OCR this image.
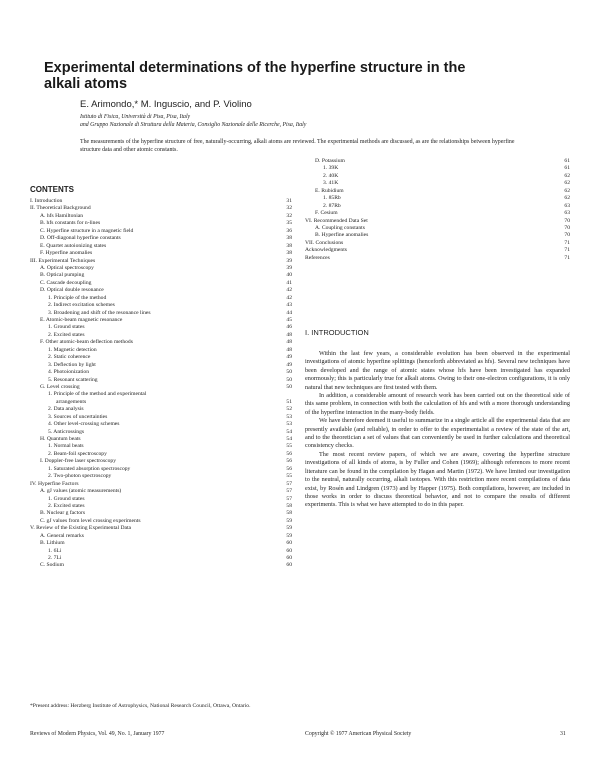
Experimental determinations of the hyperfine structure in the alkali atoms
E. Arimondo,* M. Inguscio, and P. Violino
Istituto di Fisica, Università di Pisa, Pisa, Italy
and Gruppo Nazionale di Struttura della Materia, Consiglio Nazionale delle Ricerche, Pisa, Italy
The measurements of the hyperfine structure of free, naturally-occurring, alkali atoms are reviewed. The experimental methods are discussed, as are the relationships between hyperfine structure data and other atomic constants.
CONTENTS
I. Introduction	31
II. Theoretical Background	32
A. hfs Hamiltonian	32
B. hfs constants for n-lines	35
C. Hyperfine structure in a magnetic field	36
D. Off-diagonal hyperfine constants	38
E. Quartet autoionizing states	38
F. Hyperfine anomalies	38
III. Experimental Techniques	39
A. Optical spectroscopy	39
B. Optical pumping	40
C. Cascade decoupling	41
D. Optical double resonance	42
1. Principle of the method	42
2. Indirect excitation schemes	43
3. Broadening and shift of the resonance lines	44
E. Atomic-beam magnetic resonance	45
1. Ground states	46
2. Excited states	48
F. Other atomic-beam deflection methods	48
1. Magnetic detection	48
2. Static coherence	49
3. Deflection by light	49
4. Photoionization	50
5. Resonant scattering	50
G. Level crossing	50
1. Principle of the method and experimental
arrangements	51
2. Data analysis	52
3. Sources of uncertainties	53
4. Other level-crossing schemes	53
5. Anticrossings	54
H. Quantum beats	54
1. Normal beats	55
2. Beam-foil spectroscopy	56
I. Doppler-free laser spectroscopy	56
1. Saturated absorption spectroscopy	56
2. Two-photon spectroscopy	55
IV. Hyperfine Factors	57
A. gJ values (atomic measurements)	57
1. Ground states	57
2. Excited states	58
B. Nuclear g factors	58
C. gJ values from level crossing experiments	59
V. Review of the Existing Experimental Data	59
A. General remarks	59
B. Lithium	60
1. 6Li	60
2. 7Li	60
C. Sodium	60
D. Potassium	61
1. 39K	61
2. 40K	62
3. 41K	62
E. Rubidium	62
1. 85Rb	62
2. 87Rb	63
F. Cesium	63
VI. Recommended Data Set	70
A. Coupling constants	70
B. Hyperfine anomalies	70
VII. Conclusions	71
Acknowledgments	71
References	71
I. INTRODUCTION

Within the last few years, a considerable evolution has been observed in the experimental investigations of atomic hyperfine splittings (henceforth abbreviated as hfs). Several new techniques have been developed and the range of atomic states whose hfs have been investigated has expanded enormously; this is particularly true for alkali atoms. Owing to their one-electron configurations, it is only natural that new techniques are first tested with them.

In addition, a considerable amount of research work has been carried out on the theoretical side of this same problem, in connection with both the calculation of hfs and with a more thorough understanding of the hyperfine interaction in the many-body fields.

We have therefore deemed it useful to summarize in a single article all the experimental data that are presently available (and reliable), in order to offer to the experimentalist a review of the state of the art, and to the theoretician a set of values that can conveniently be used in further calculations and theoretical consistency checks.

The most recent review papers, of which we are aware, covering the hyperfine structure investigations of all kinds of atoms, is by Fuller and Cohen (1969); although references to more recent literature can be found in the compilation by Hagan and Martin (1972). We have limited our investigation to the neutral, naturally occurring, alkali isotopes. With this restriction more recent compilations of data exist, by Rosén and Lindgren (1973) and by Happer (1975). Both compilations, however, are included in those works in order to discuss theoretical behavior, and not to compare the results of different experiments. This is what we have attempted to do in this paper.

*Present address: Herzberg Institute of Astrophysics, National Research Council, Ottawa, Ontario.
Reviews of Modern Physics, Vol. 49, No. 1, January 1977	Copyright © 1977 American Physical Society	31
